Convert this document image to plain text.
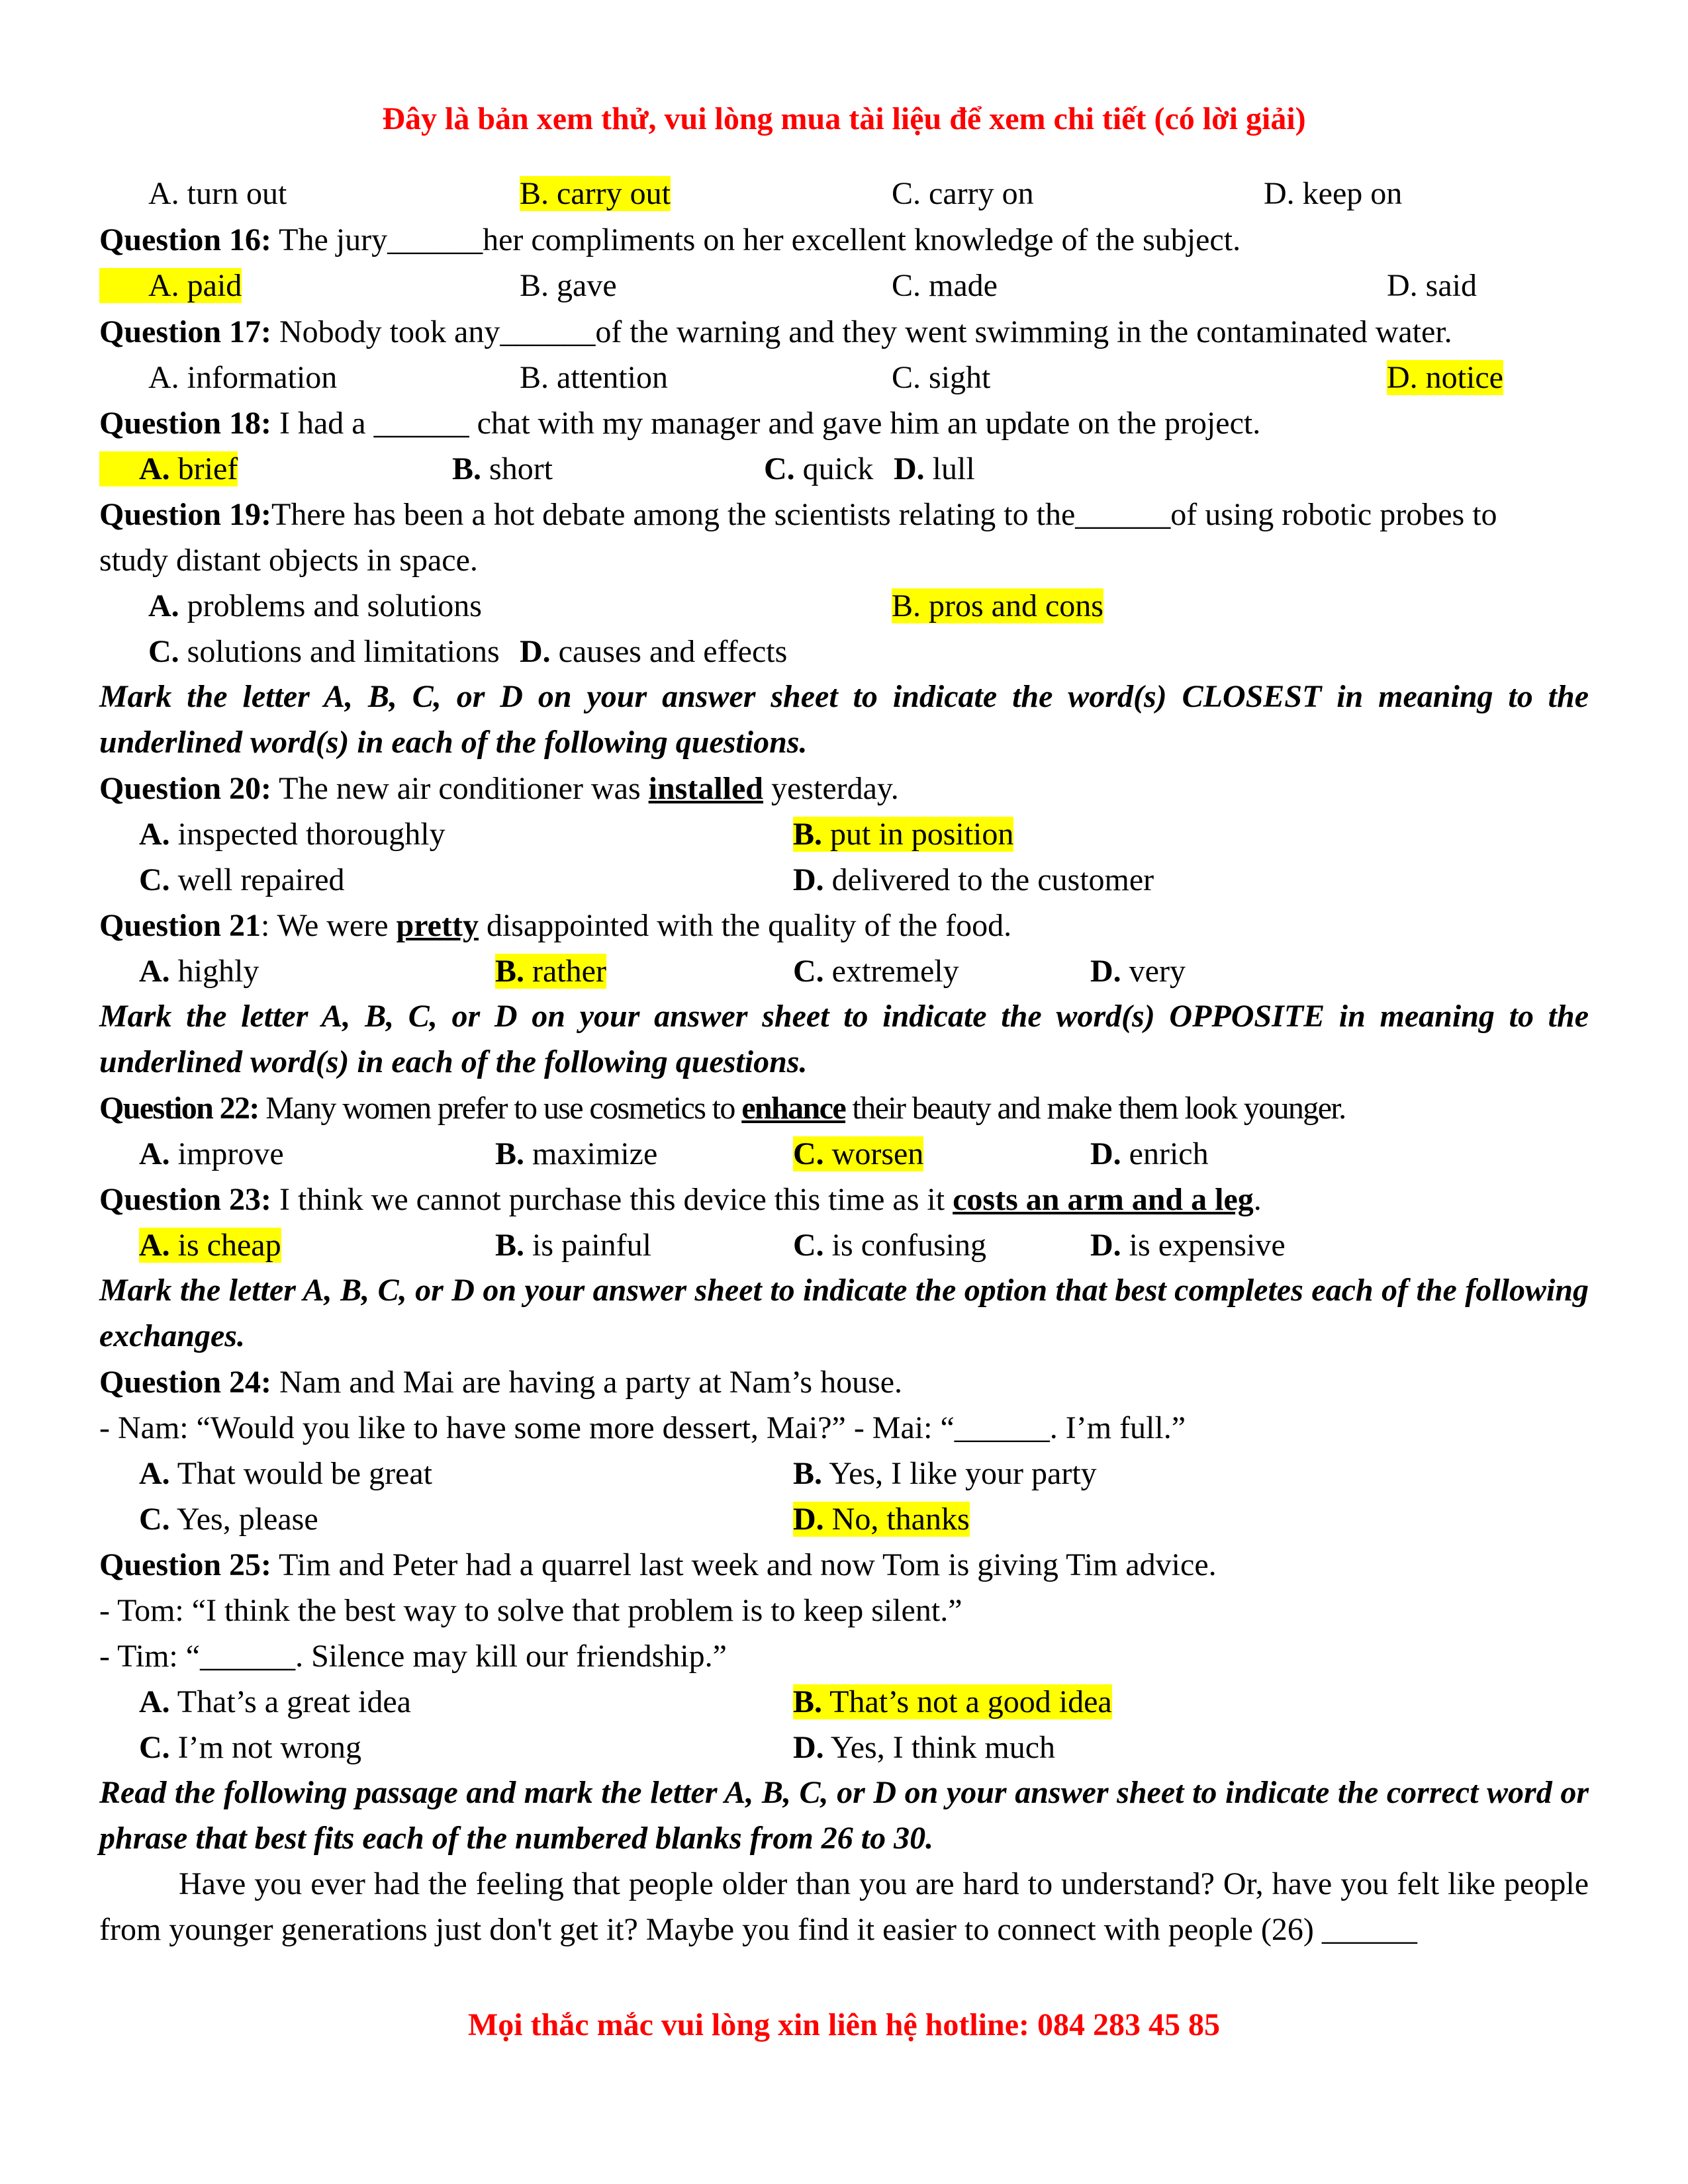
Đây là bản xem thử, vui lòng mua tài liệu để xem chi tiết (có lời giải)
A. turn out	B. carry out	C. carry on	D. keep on
Question 16: The jury______her compliments on her excellent knowledge of the subject.
A. paid	B. gave	C. made	D. said
Question 17: Nobody took any______of the warning and they went swimming in the contaminated water.
A. information	B. attention	C. sight	D. notice
Question 18: I had a ______ chat with my manager and gave him an update on the project.
A. brief	B. short	C. quick D. lull
Question 19:There has been a hot debate among the scientists relating to the______of using robotic probes to
study distant objects in space.
A. problems and solutions	B. pros and cons
C. solutions and limitations D. causes and effects
Mark the letter A, B, C, or D on your answer sheet to indicate the word(s) CLOSEST in meaning to the underlined word(s) in each of the following questions.
Question 20: The new air conditioner was installed yesterday.
A. inspected thoroughly	B. put in position
C. well repaired	D. delivered to the customer
Question 21: We were pretty disappointed with the quality of the food.
A. highly	B. rather	C. extremely	D. very
Mark the letter A, B, C, or D on your answer sheet to indicate the word(s) OPPOSITE in meaning to the underlined word(s) in each of the following questions.
Question 22: Many women prefer to use cosmetics to enhance their beauty and make them look younger.
A. improve	B. maximize	C. worsen	D. enrich
Question 23: I think we cannot purchase this device this time as it costs an arm and a leg.
A. is cheap	B. is painful	C. is confusing	D. is expensive
Mark the letter A, B, C, or D on your answer sheet to indicate the option that best completes each of the following exchanges.
Question 24: Nam and Mai are having a party at Nam’s house.
- Nam: “Would you like to have some more dessert, Mai?” - Mai: “______. I’m full.”
A. That would be great	B. Yes, I like your party
C. Yes, please	D. No, thanks
Question 25: Tim and Peter had a quarrel last week and now Tom is giving Tim advice.
- Tom: “I think the best way to solve that problem is to keep silent.”
- Tim: “______. Silence may kill our friendship.”
A. That’s a great idea	B. That’s not a good idea
C. I’m not wrong	D. Yes, I think much
Read the following passage and mark the letter A, B, C, or D on your answer sheet to indicate the correct word or phrase that best fits each of the numbered blanks from 26 to 30.
Have you ever had the feeling that people older than you are hard to understand? Or, have you felt like people from younger generations just don't get it? Maybe you find it easier to connect with people (26) ______
Mọi thắc mắc vui lòng xin liên hệ hotline: 084 283 45 85
